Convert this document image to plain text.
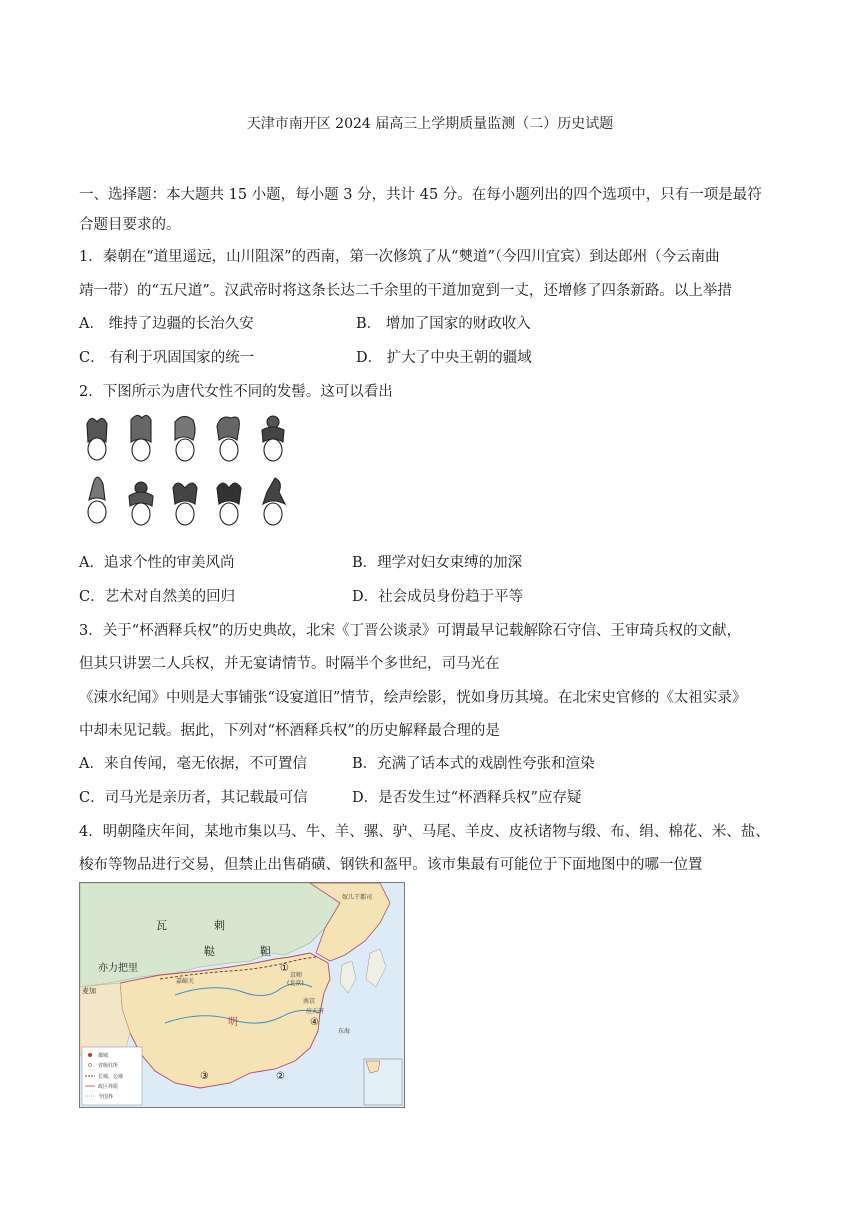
天津市南开区 2024 届高三上学期质量监测（二）历史试题
一、选择题：本大题共 15 小题，每小题 3 分，共计 45 分。在每小题列出的四个选项中，只有一项是最符
合题目要求的。
1．秦朝在“道里遥远，山川阻深”的西南，第一次修筑了从“僰道”（今四川宜宾）到达郎州（今云南曲
靖一带）的“五尺道”。汉武帝时将这条长达二千余里的干道加宽到一丈，还增修了四条新路。以上举措
A． 维持了边疆的长治久安	B． 增加了国家的财政收入
C． 有利于巩固国家的统一	D． 扩大了中央王朝的疆域
2．下图所示为唐代女性不同的发髻。这可以看出
A．追求个性的审美风尚	B．理学对妇女束缚的加深
C．艺术对自然美的回归	D．社会成员身份趋于平等
3．关于“杯酒释兵权”的历史典故，北宋《丁晋公谈录》可谓最早记载解除石守信、王审琦兵权的文献，
但其只讲罢二人兵权，并无宴请情节。时隔半个多世纪，司马光在
《涑水纪闻》中则是大事铺张“设宴道旧”情节，绘声绘影，恍如身历其境。在北宋史官修的《太祖实录》
中却未见记载。据此，下列对“杯酒释兵权”的历史解释最合理的是
A．来自传闻，毫无依据，不可置信	B．充满了话本式的戏剧性夸张和渲染
C．司马光是亲历者，其记载最可信	D．是否发生过“杯酒释兵权”应存疑
4．明朝隆庆年间，某地市集以马、牛、羊、骡、驴、马尾、羊皮、皮袄诸物与缎、布、绢、棉花、米、盐、
梭布等物品进行交易，但禁止出售硝磺、钢铁和盔甲。该市集最有可能位于下面地图中的哪一位置
瓦	剌
鞑	靼
亦力把里
明
麦加
奴儿干都司
南京
应天府
京师
(北京)
嘉峪关
东海
①
②
③
④
都城
省级驻所
长城、边墙
政区界限
今国界
